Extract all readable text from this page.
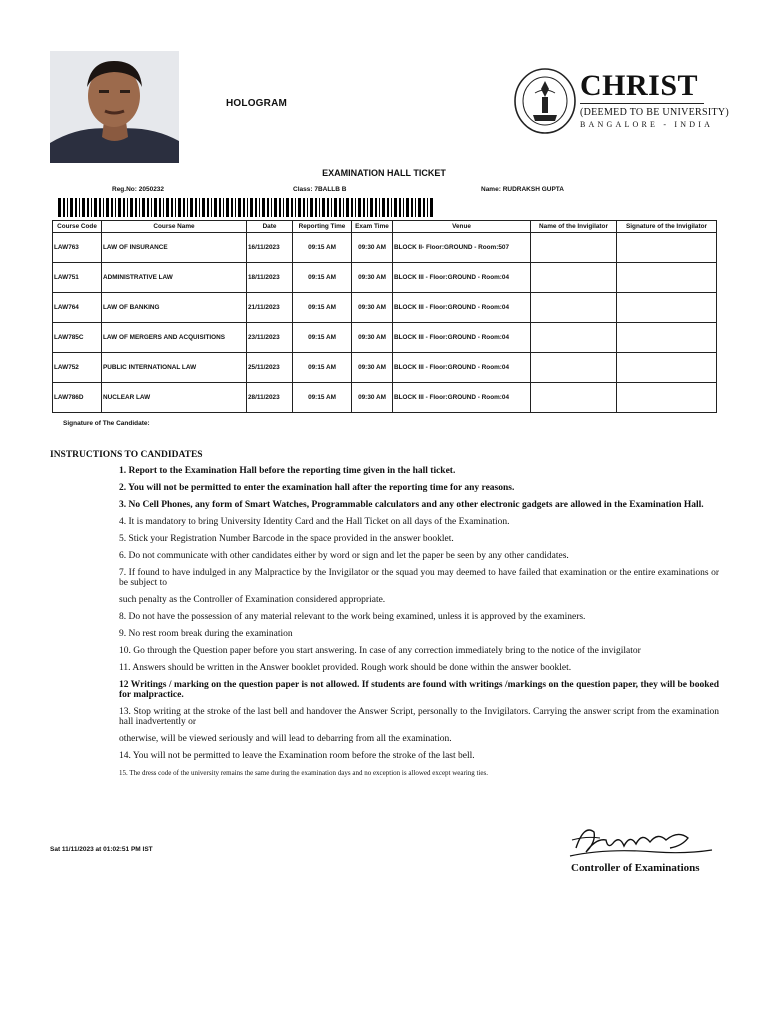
HOLOGRAM
CHRIST
(DEEMED TO BE UNIVERSITY)
BANGALORE - INDIA
EXAMINATION HALL TICKET
Reg.No: 2050232	Class: 7BALLB B	Name: RUDRAKSH GUPTA
Course Code	Course Name	Date	Reporting Time	Exam Time	Venue	Name of the Invigilator	Signature of the Invigilator
LAW763	LAW OF INSURANCE	16/11/2023	09:15 AM	09:30 AM	BLOCK II- Floor:GROUND - Room:507		
LAW751	ADMINISTRATIVE LAW	18/11/2023	09:15 AM	09:30 AM	BLOCK III - Floor:GROUND - Room:04		
LAW764	LAW OF BANKING	21/11/2023	09:15 AM	09:30 AM	BLOCK III - Floor:GROUND - Room:04		
LAW785C	LAW OF MERGERS AND ACQUISITIONS	23/11/2023	09:15 AM	09:30 AM	BLOCK III - Floor:GROUND - Room:04		
LAW752	PUBLIC INTERNATIONAL LAW	25/11/2023	09:15 AM	09:30 AM	BLOCK III - Floor:GROUND - Room:04		
LAW786D	NUCLEAR LAW	28/11/2023	09:15 AM	09:30 AM	BLOCK III - Floor:GROUND - Room:04		
Signature of The Candidate:
INSTRUCTIONS TO CANDIDATES

1. Report to the Examination Hall before the reporting time given in the hall ticket.

2. You will not be permitted to enter the examination hall after the reporting time for any reasons.

3. No Cell Phones, any form of Smart Watches, Programmable calculators and any other electronic gadgets are allowed in the Examination Hall.

4. It is mandatory to bring University Identity Card and the Hall Ticket on all days of the Examination.

5. Stick your Registration Number Barcode in the space provided in the answer booklet.

6. Do not communicate with other candidates either by word or sign and let the paper be seen by any other candidates.

7. If found to have indulged in any Malpractice by the Invigilator or the squad you may deemed to have failed that examination or the entire examinations or be subject to

such penalty as the Controller of Examination considered appropriate.

8. Do not have the possession of any material relevant to the work being examined, unless it is approved by the examiners.

9. No rest room break during the examination

10. Go through the Question paper before you start answering. In case of any correction immediately bring to the notice of the invigilator

11. Answers should be written in the Answer booklet provided. Rough work should be done within the answer booklet.

12 Writings / marking on the question paper is not allowed. If students are found with writings /markings on the question paper, they will be booked for malpractice.

13. Stop writing at the stroke of the last bell and handover the Answer Script, personally to the Invigilators. Carrying the answer script from the examination hall inadvertently or

otherwise, will be viewed seriously and will lead to debarring from all the examination.

14. You will not be permitted to leave the Examination room before the stroke of the last bell.

15. The dress code of the university remains the same during the examination days and no exception is allowed except wearing ties.

Sat 11/11/2023 at 01:02:51 PM IST
Controller of Examinations
